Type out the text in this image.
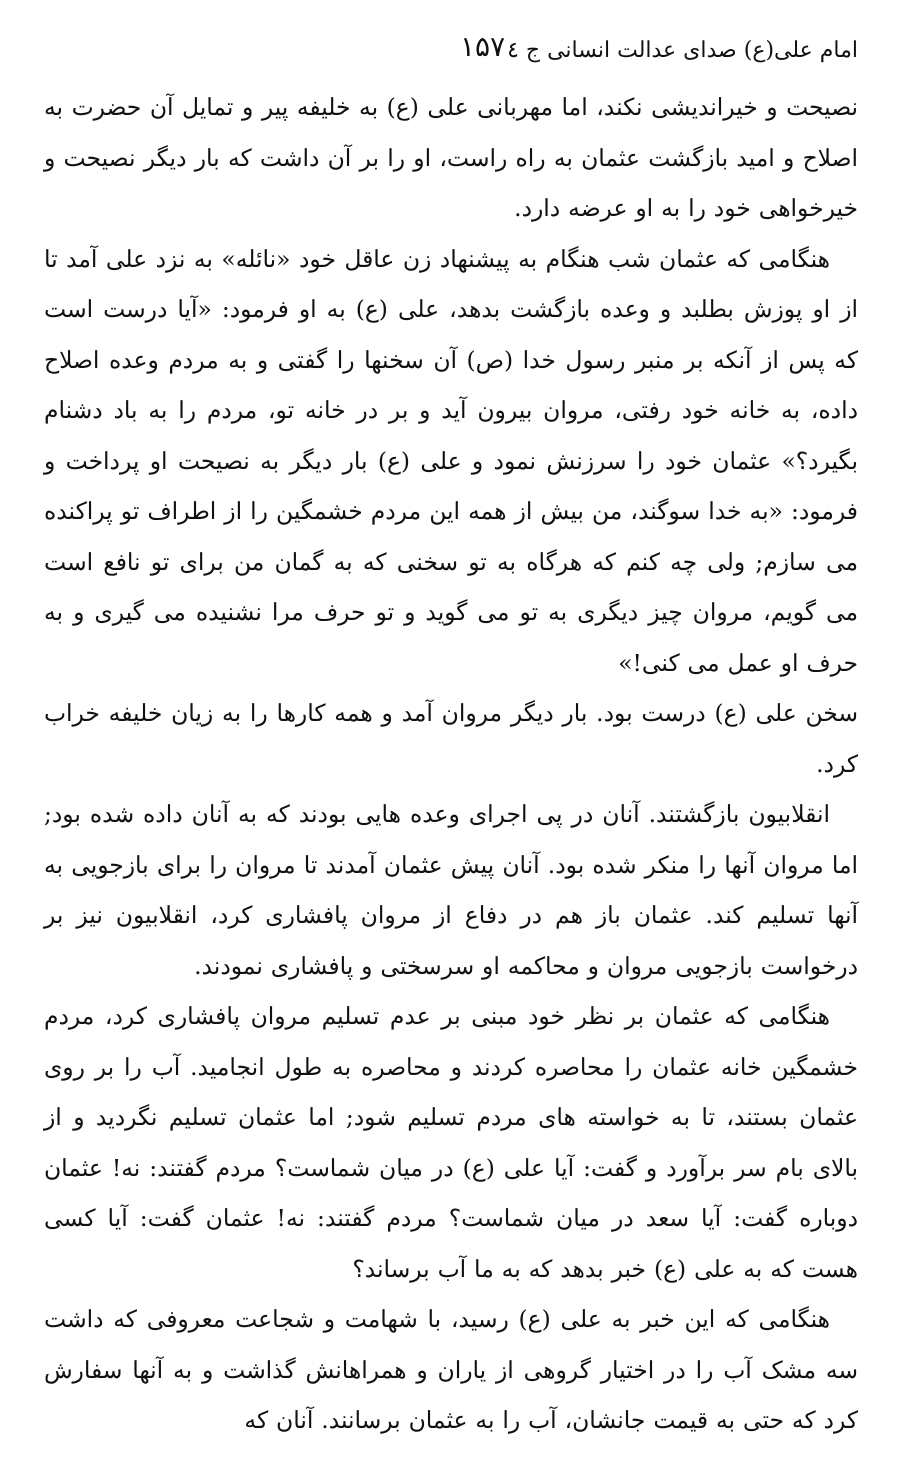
امام علی(ع) صدای عدالت انسانی ج ٤
۱۵۷

نصیحت و خیراندیشی نکند، اما مهربانی علی (ع) به خلیفه پیر و تمایل آن حضرت به اصلاح و امید بازگشت عثمان به راه راست، او را بر آن داشت که بار دیگر نصیحت و خیرخواهی خود را به او عرضه دارد.

هنگامی که عثمان شب هنگام به پیشنهاد زن عاقل خود «نائله» به نزد علی آمد تا از او پوزش بطلبد و وعده بازگشت بدهد، علی (ع) به او فرمود: «آیا درست است که پس از آنکه بر منبر رسول خدا (ص) آن سخنها را گفتی و به مردم وعده اصلاح داده، به خانه خود رفتی، مروان بیرون آید و بر در خانه تو، مردم را به باد دشنام بگیرد؟» عثمان خود را سرزنش نمود و علی (ع) بار دیگر به نصیحت او پرداخت و فرمود: «به خدا سوگند، من بیش از همه این مردم خشمگین را از اطراف تو پراکنده می سازم; ولی چه کنم که هرگاه به تو سخنی که به گمان من برای تو نافع است می گویم، مروان چیز دیگری به تو می گوید و تو حرف مرا نشنیده می گیری و به حرف او عمل می کنی!»

سخن علی (ع) درست بود. بار دیگر مروان آمد و همه کارها را به زیان خلیفه خراب کرد.

انقلابیون بازگشتند. آنان در پی اجرای وعده هایی بودند که به آنان داده شده بود; اما مروان آنها را منکر شده بود. آنان پیش عثمان آمدند تا مروان را برای بازجویی به آنها تسلیم کند. عثمان باز هم در دفاع از مروان پافشاری کرد، انقلابیون نیز بر درخواست بازجویی مروان و محاکمه او سرسختی و پافشاری نمودند.

هنگامی که عثمان بر نظر خود مبنی بر عدم تسلیم مروان پافشاری کرد، مردم خشمگین خانه عثمان را محاصره کردند و محاصره به طول انجامید. آب را بر روی عثمان بستند، تا به خواسته های مردم تسلیم شود; اما عثمان تسلیم نگردید و از بالای بام سر برآورد و گفت: آیا علی (ع) در میان شماست؟ مردم گفتند: نه! عثمان دوباره گفت: آیا سعد در میان شماست؟ مردم گفتند: نه! عثمان گفت: آیا کسی هست که به علی (ع) خبر بدهد که به ما آب برساند؟

هنگامی که این خبر به علی (ع) رسید، با شهامت و شجاعت معروفی که داشت سه مشک آب را در اختیار گروهی از یاران و همراهانش گذاشت و به آنها سفارش کرد که حتی به قیمت جانشان، آب را به عثمان برسانند. آنان که
